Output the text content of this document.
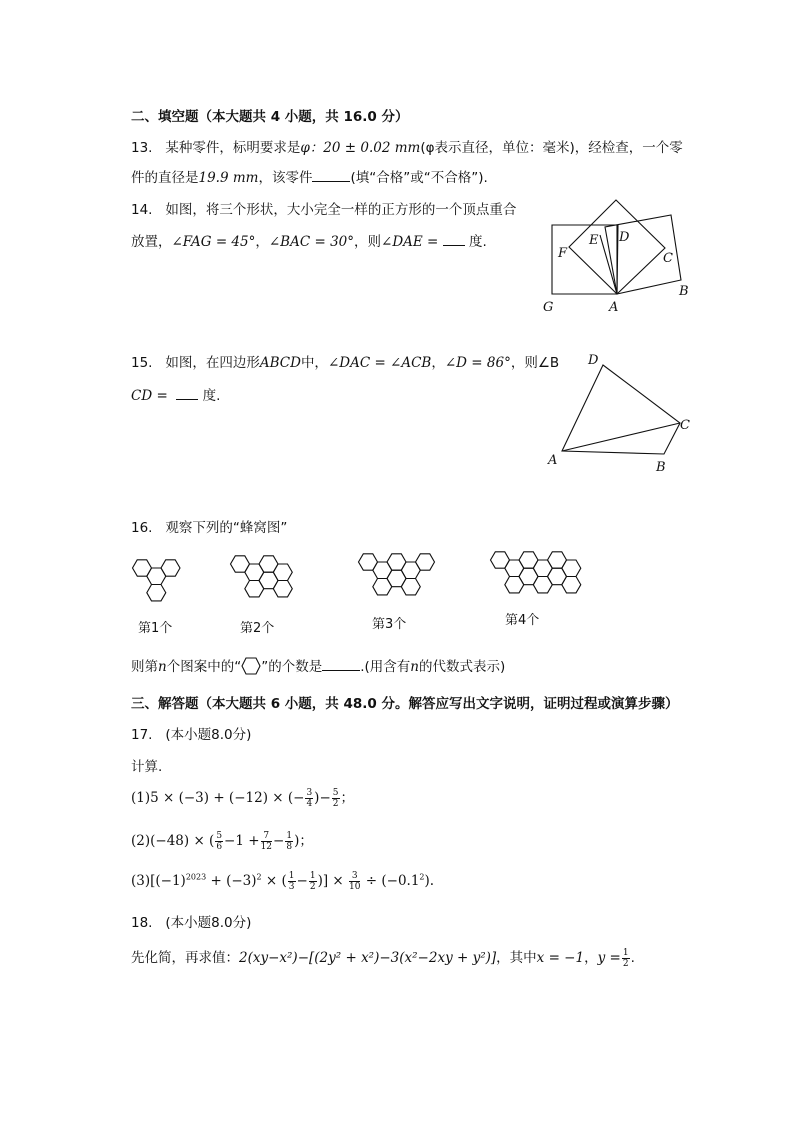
二、填空题（本大题共 4 小题，共 16.0 分）
13. 某种零件，标明要求是φ：20 ± 0.02 mm(φ表示直径，单位：毫米)，经检查，一个零
件的直径是19.9 mm，该零件	(填“合格”或“不合格”).
14. 如图，将三个形状，大小完全一样的正方形的一个顶点重合
放置，∠FAG = 45°，∠BAC = 30°，则∠DAE = 度.
F
E D
C
B
G	A
15. 如图，在四边形ABCD中，∠DAC = ∠ACB，∠D = 86°，则∠B
CD =	度.
D
C
A	B
16. 观察下列的“蜂窝图”
第1个	第2个	第3个	第4个
则第n个图案中的“ ”的个数是	.(用含有n的代数式表示)
三、解答题（本大题共 6 小题，共 48.0 分。解答应写出文字说明，证明过程或演算步骤）
17. (本小题8.0分)
计算.
(1)5 × (−3) + (−12) × (− $\frac{3}{4}$ )− $\frac{5}{2}$ ；
(2)(−48) × ( $\frac{5}{6} -1 + \frac{7}{12} - \frac{1}{8}$ )；
$(3)[(-1)^{2023} + (-3)^2$ × ( $\frac{1}{3} - \frac{1}{2}$ )] × $\frac{3}{10} \div (-0.1^2)$.
18. (本小题8.0分)
先化简，再求值：2(xy−x²)−[(2y² + x²)−3(x²−2xy + y²)]，其中x = −1，$y = \frac{1}{2}$ .
